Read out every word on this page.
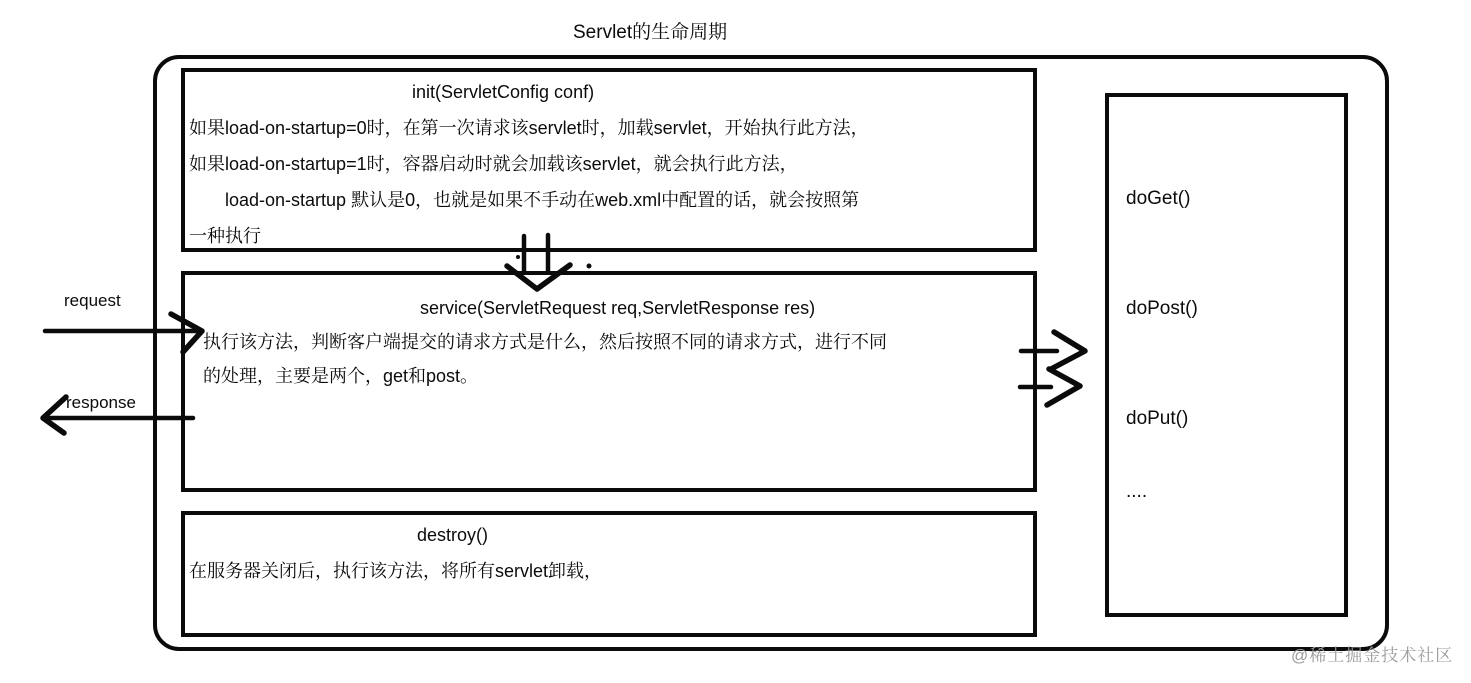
Servlet的生命周期
init(ServletConfig conf)
如果load-on-startup=0时，在第一次请求该servlet时，加载servlet，开始执行此方法，
如果load-on-startup=1时，容器启动时就会加载该servlet，就会执行此方法，
load-on-startup 默认是0，也就是如果不手动在web.xml中配置的话，就会按照第
一种执行
service(ServletRequest req,ServletResponse res)
执行该方法，判断客户端提交的请求方式是什么，然后按照不同的请求方式，进行不同
的处理，主要是两个，get和post。
destroy()
在服务器关闭后，执行该方法，将所有servlet卸载，
doGet()
doPost()
doPut()
....
request
response
@稀土掘金技术社区
